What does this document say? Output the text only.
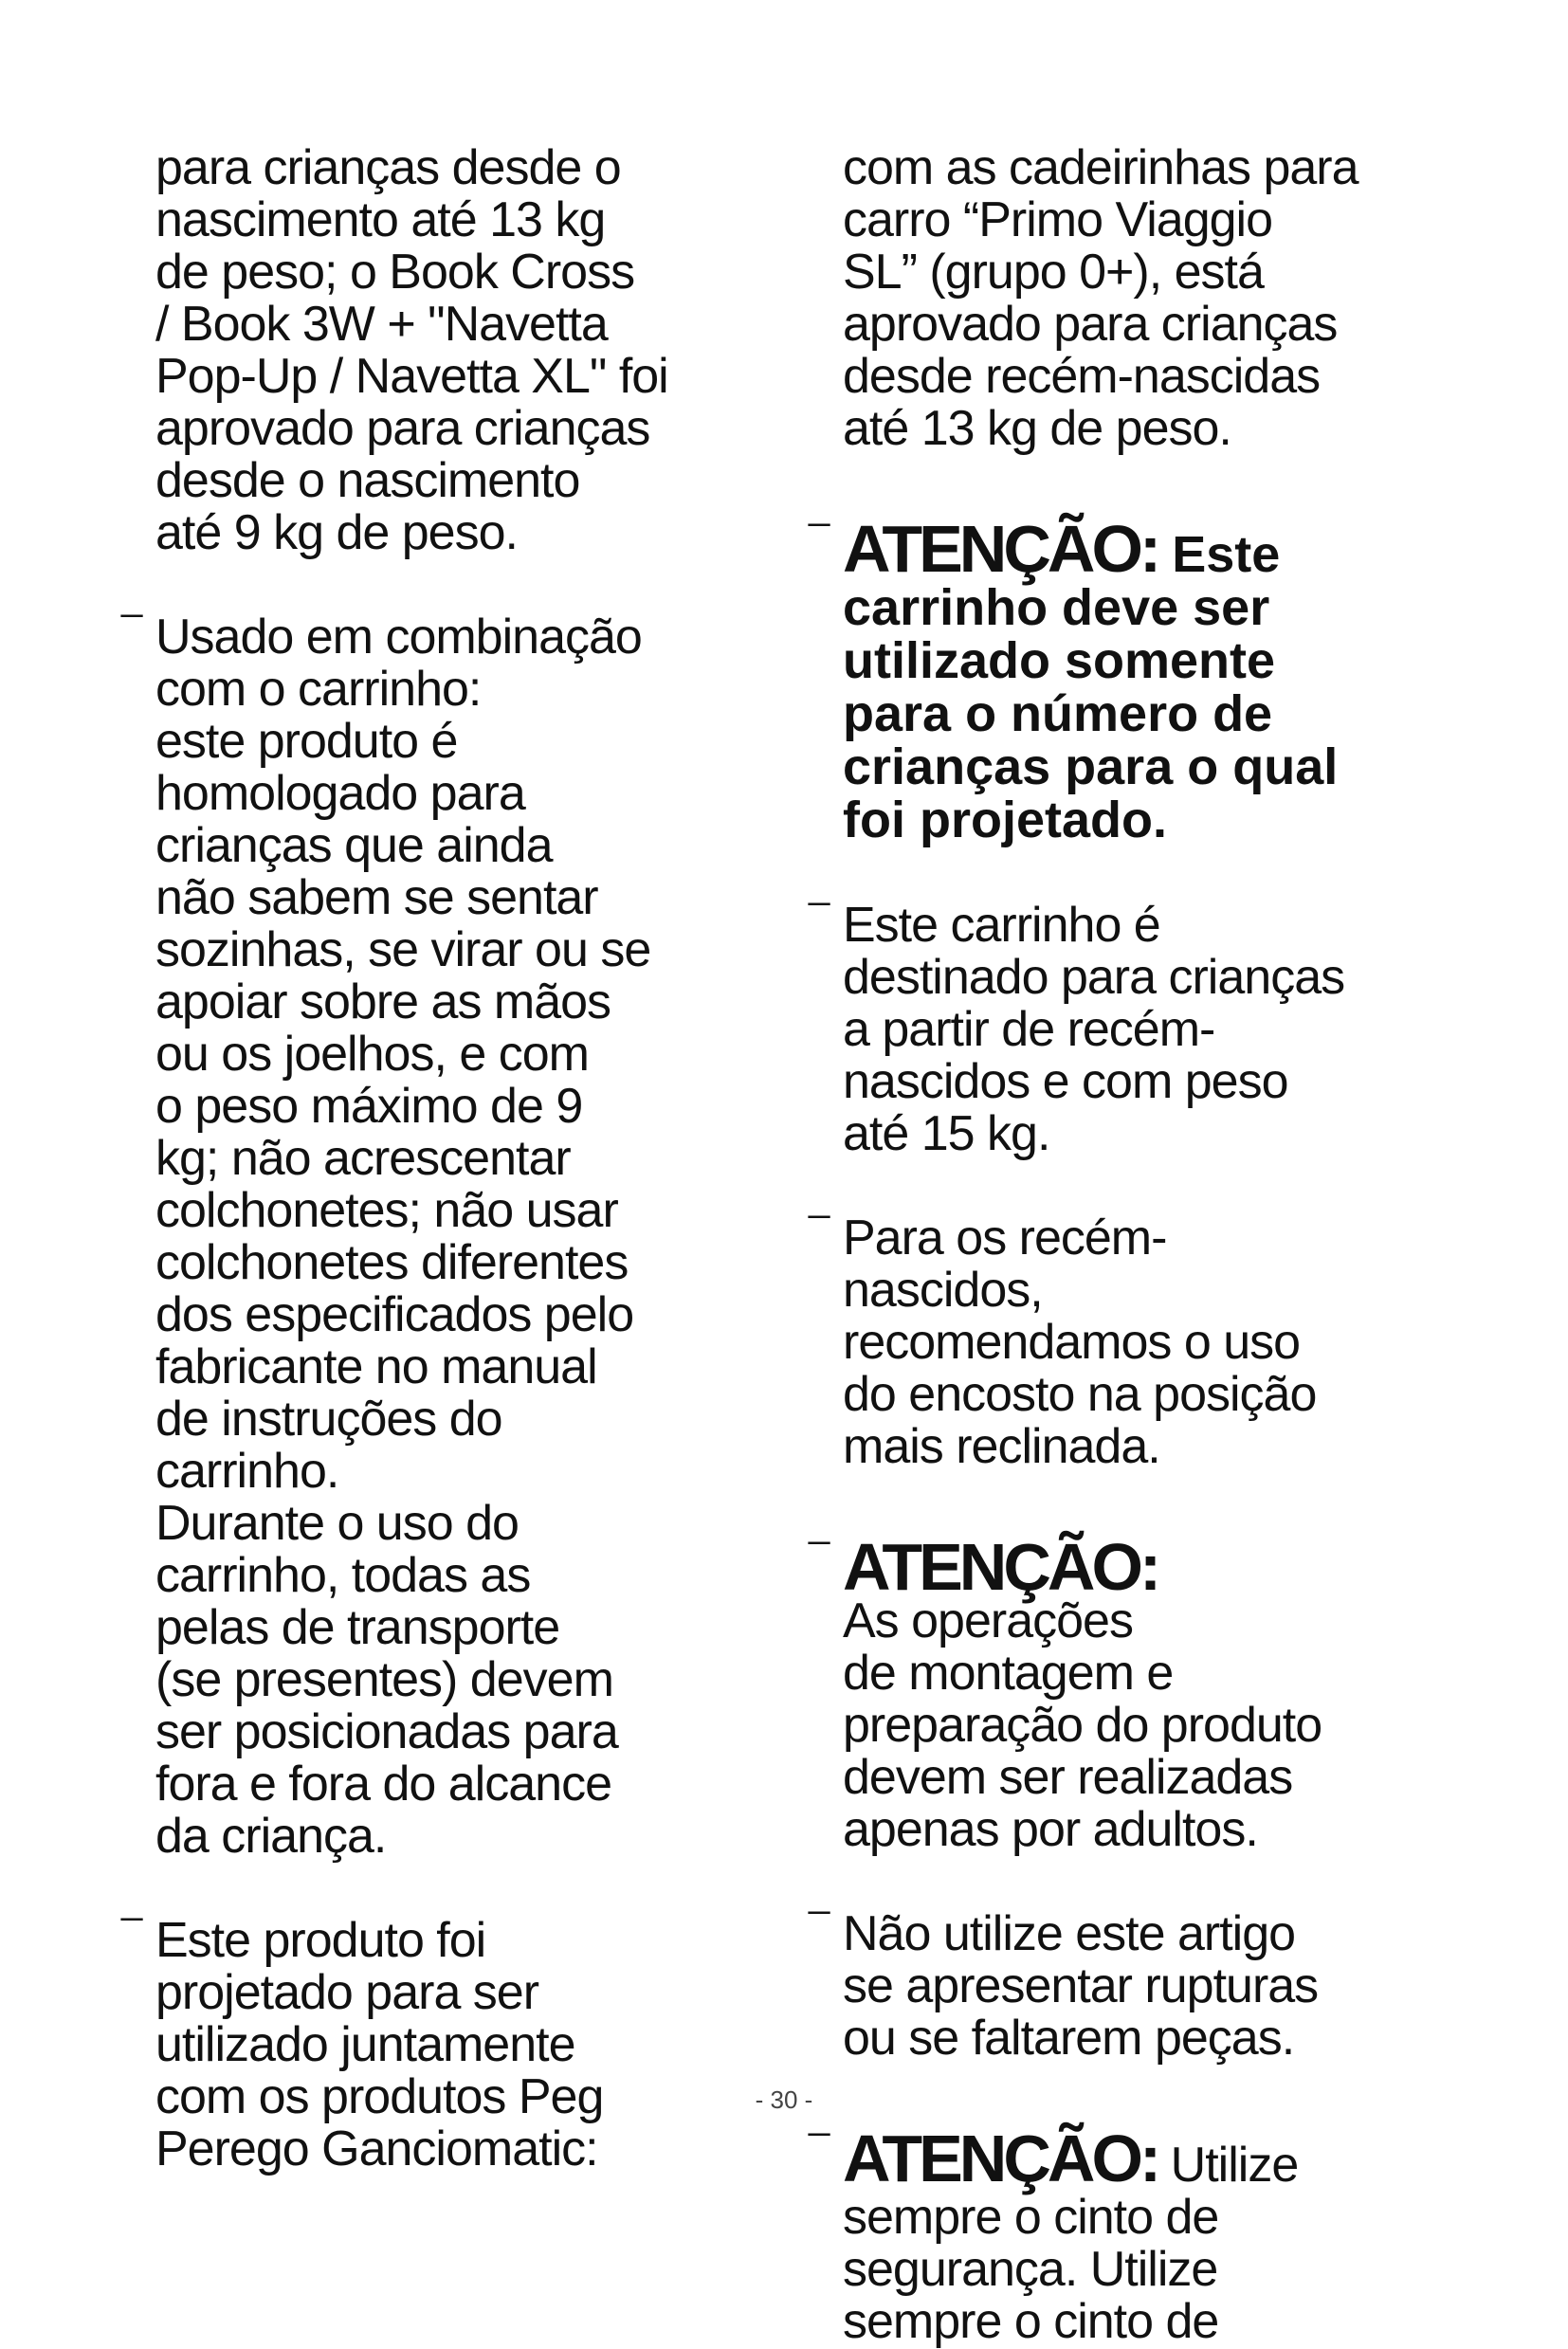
para crianças desde o
nascimento até 13 kg
de peso; o Book Cross
/ Book 3W + "Navetta
Pop-Up / Navetta XL" foi
aprovado para crianças
desde o nascimento
até 9 kg de peso.

_
Usado em combinação
com o carrinho:
este produto é
homologado para
crianças que ainda
não sabem se sentar
sozinhas, se virar ou se
apoiar sobre as mãos
ou os joelhos, e com
o peso máximo de 9
kg; não acrescentar
colchonetes; não usar
colchonetes diferentes
dos especificados pelo
fabricante no manual
de instruções do
carrinho.

Durante o uso do
carrinho, todas as
pelas de transporte
(se presentes) devem
ser posicionadas para
fora e fora do alcance
da criança.

_
Este produto foi
projetado para ser
utilizado juntamente
com os produtos Peg
Perego Ganciomatic:

com as cadeirinhas para
carro “Primo Viaggio
SL” (grupo 0+), está
aprovado para crianças
desde recém-nascidas
até 13 kg de peso.

_
ATENÇÃO: Este
carrinho deve ser
utilizado somente
para o número de
crianças para o qual
foi projetado.

_
Este carrinho é
destinado para crianças
a partir de recém-
nascidos e com peso
até 15 kg.

_
Para os recém-
nascidos,
recomendamos o uso
do encosto na posição
mais reclinada.

_
ATENÇÃO:
As operações
de montagem e
preparação do produto
devem ser realizadas
apenas por adultos.

_
Não utilize este artigo
se apresentar rupturas
ou se faltarem peças.

_
ATENÇÃO: Utilize
sempre o cinto de
segurança. Utilize
sempre o cinto de

- 30 -
